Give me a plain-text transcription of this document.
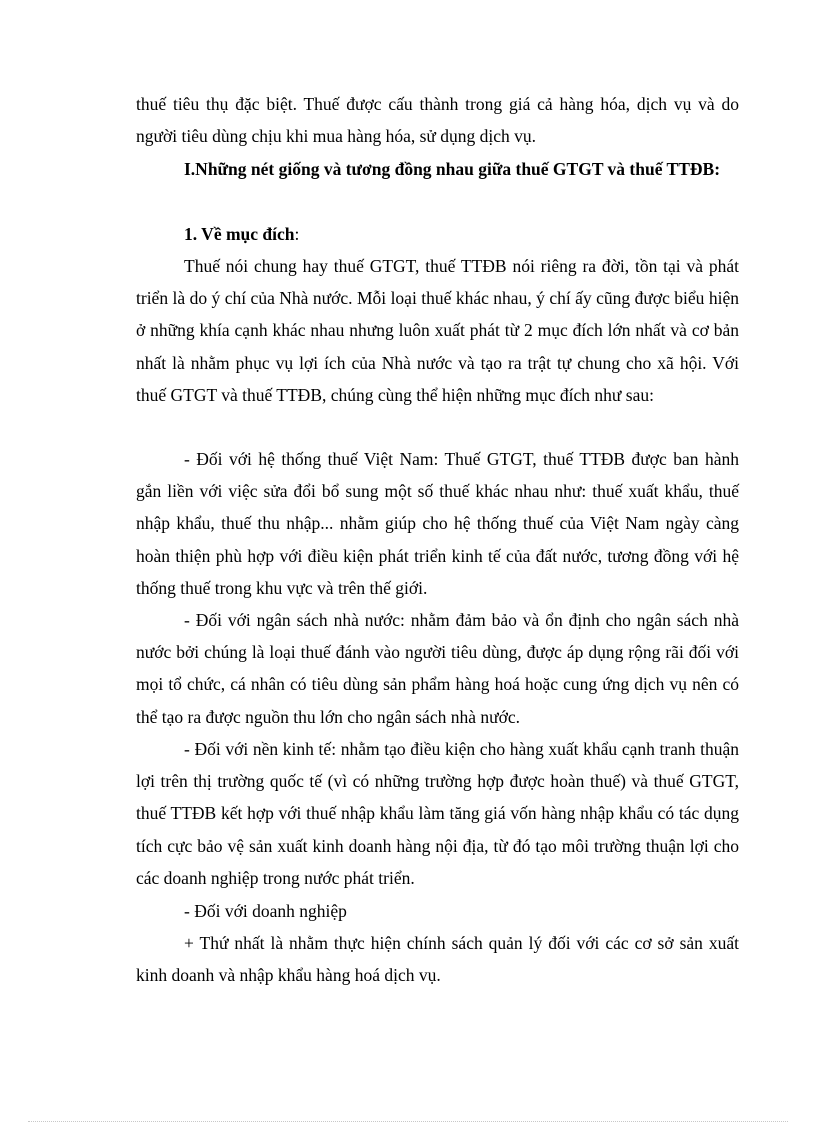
thuế tiêu thụ đặc biệt. Thuế được cấu thành trong giá cả hàng hóa, dịch vụ và do người tiêu dùng chịu khi mua hàng hóa, sử dụng dịch vụ.

I.Những nét giống và tương đồng nhau giữa thuế GTGT và thuế TTĐB:

1. Về mục đích:

Thuế nói chung hay thuế GTGT, thuế TTĐB nói riêng ra đời, tồn tại và phát triển là do ý chí của Nhà nước. Mỗi loại thuế khác nhau, ý chí ấy cũng được biểu hiện ở những khía cạnh khác nhau nhưng luôn xuất phát từ 2 mục đích lớn nhất và cơ bản nhất là nhằm phục vụ lợi ích của Nhà nước và tạo ra trật tự chung cho xã hội. Với thuế GTGT và thuế TTĐB, chúng cùng thể hiện những mục đích như sau:

- Đối với hệ thống thuế Việt Nam: Thuế GTGT, thuế TTĐB được ban hành gắn liền với việc sửa đổi bổ sung một số thuế khác nhau như: thuế xuất khẩu, thuế nhập khẩu, thuế thu nhập... nhằm giúp cho hệ thống thuế của Việt Nam ngày càng hoàn thiện phù hợp với điều kiện phát triển kinh tế của đất nước, tương đồng với hệ thống thuế trong khu vực và trên thế giới.

- Đối với ngân sách nhà nước: nhằm đảm bảo và ổn định cho ngân sách nhà nước bởi chúng là loại thuế đánh vào người tiêu dùng, được áp dụng rộng rãi đối với mọi tổ chức, cá nhân có tiêu dùng sản phẩm hàng hoá hoặc cung ứng dịch vụ nên có thể tạo ra được nguồn thu lớn cho ngân sách nhà nước.

- Đối với nền kinh tế: nhằm tạo điều kiện cho hàng xuất khẩu cạnh tranh thuận lợi trên thị trường quốc tế (vì có những trường hợp được hoàn thuế) và thuế GTGT, thuế TTĐB kết hợp với thuế nhập khẩu làm tăng giá vốn hàng nhập khẩu có tác dụng tích cực bảo vệ sản xuất kinh doanh hàng nội địa, từ đó tạo môi trường thuận lợi cho các doanh nghiệp trong nước phát triển.

- Đối với doanh nghiệp

+ Thứ nhất là nhằm thực hiện chính sách quản lý đối với các cơ sở sản xuất kinh doanh và nhập khẩu hàng hoá dịch vụ.
